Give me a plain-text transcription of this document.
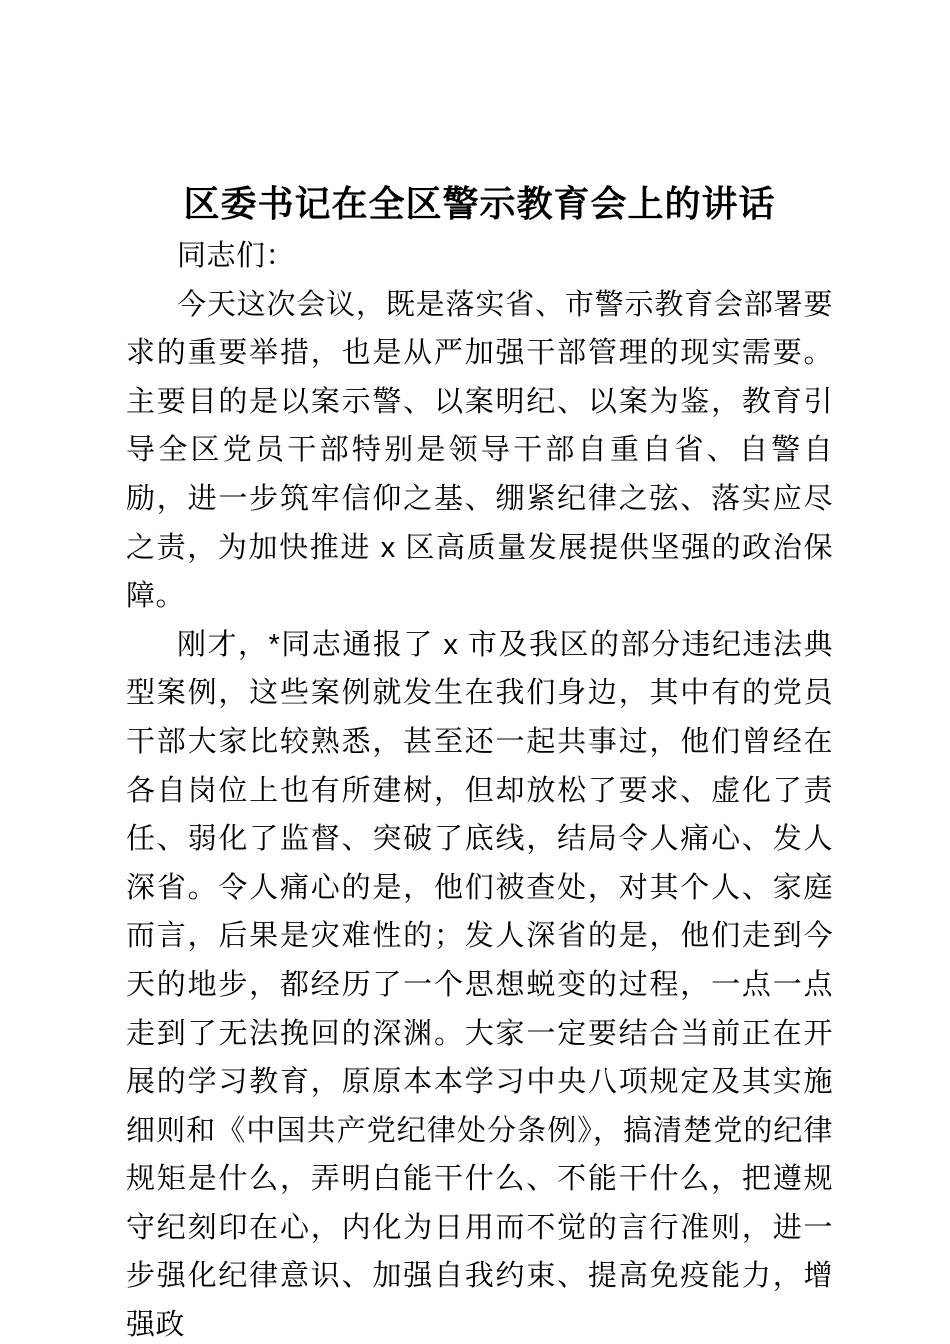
区委书记在全区警示教育会上的讲话

同志们：

今天这次会议，既是落实省、市警示教育会部署要求的重要举措，也是从严加强干部管理的现实需要。主要目的是以案示警、以案明纪、以案为鉴，教育引导全区党员干部特别是领导干部自重自省、自警自励，进一步筑牢信仰之基、绷紧纪律之弦、落实应尽之责，为加快推进 x 区高质量发展提供坚强的政治保障。

刚才，*同志通报了 x 市及我区的部分违纪违法典型案例，这些案例就发生在我们身边，其中有的党员干部大家比较熟悉，甚至还一起共事过，他们曾经在各自岗位上也有所建树，但却放松了要求、虚化了责任、弱化了监督、突破了底线，结局令人痛心、发人深省。令人痛心的是，他们被查处，对其个人、家庭而言，后果是灾难性的；发人深省的是，他们走到今天的地步，都经历了一个思想蜕变的过程，一点一点走到了无法挽回的深渊。大家一定要结合当前正在开展的学习教育，原原本本学习中央八项规定及其实施细则和《中国共产党纪律处分条例》，搞清楚党的纪律规矩是什么，弄明白能干什么、不能干什么，把遵规守纪刻印在心，内化为日用而不觉的言行准则，进一步强化纪律意识、加强自我约束、提高免疫能力，增强政
